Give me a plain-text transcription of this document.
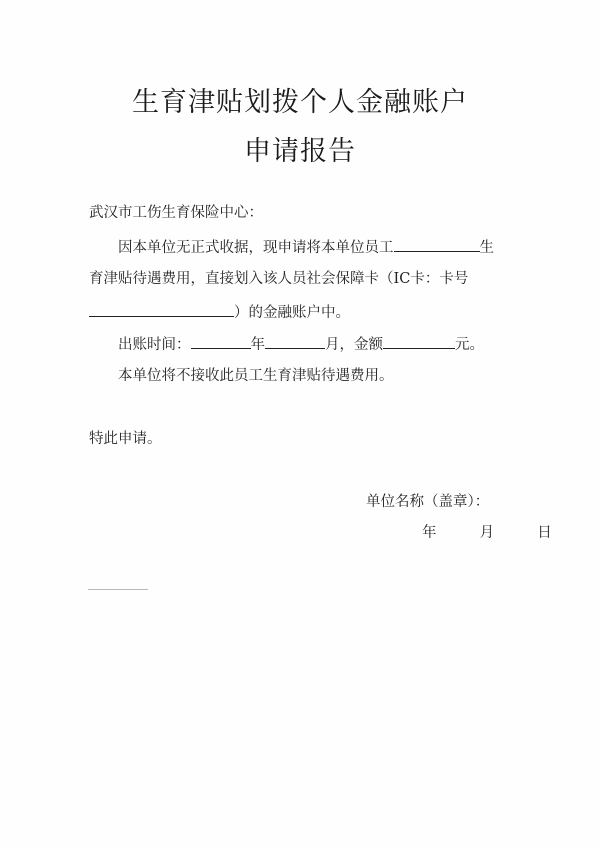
生育津贴划拨个人金融账户
申请报告
武汉市工伤生育保险中心：
因本单位无正式收据，现申请将本单位员工	生
育津贴待遇费用，直接划入该人员社会保障卡（IC卡：卡号
）的金融账户中。
出账时间：	年	月，金额	元。
本单位将不接收此员工生育津贴待遇费用。
特此申请。
单位名称（盖章）：
年　 月　 日
